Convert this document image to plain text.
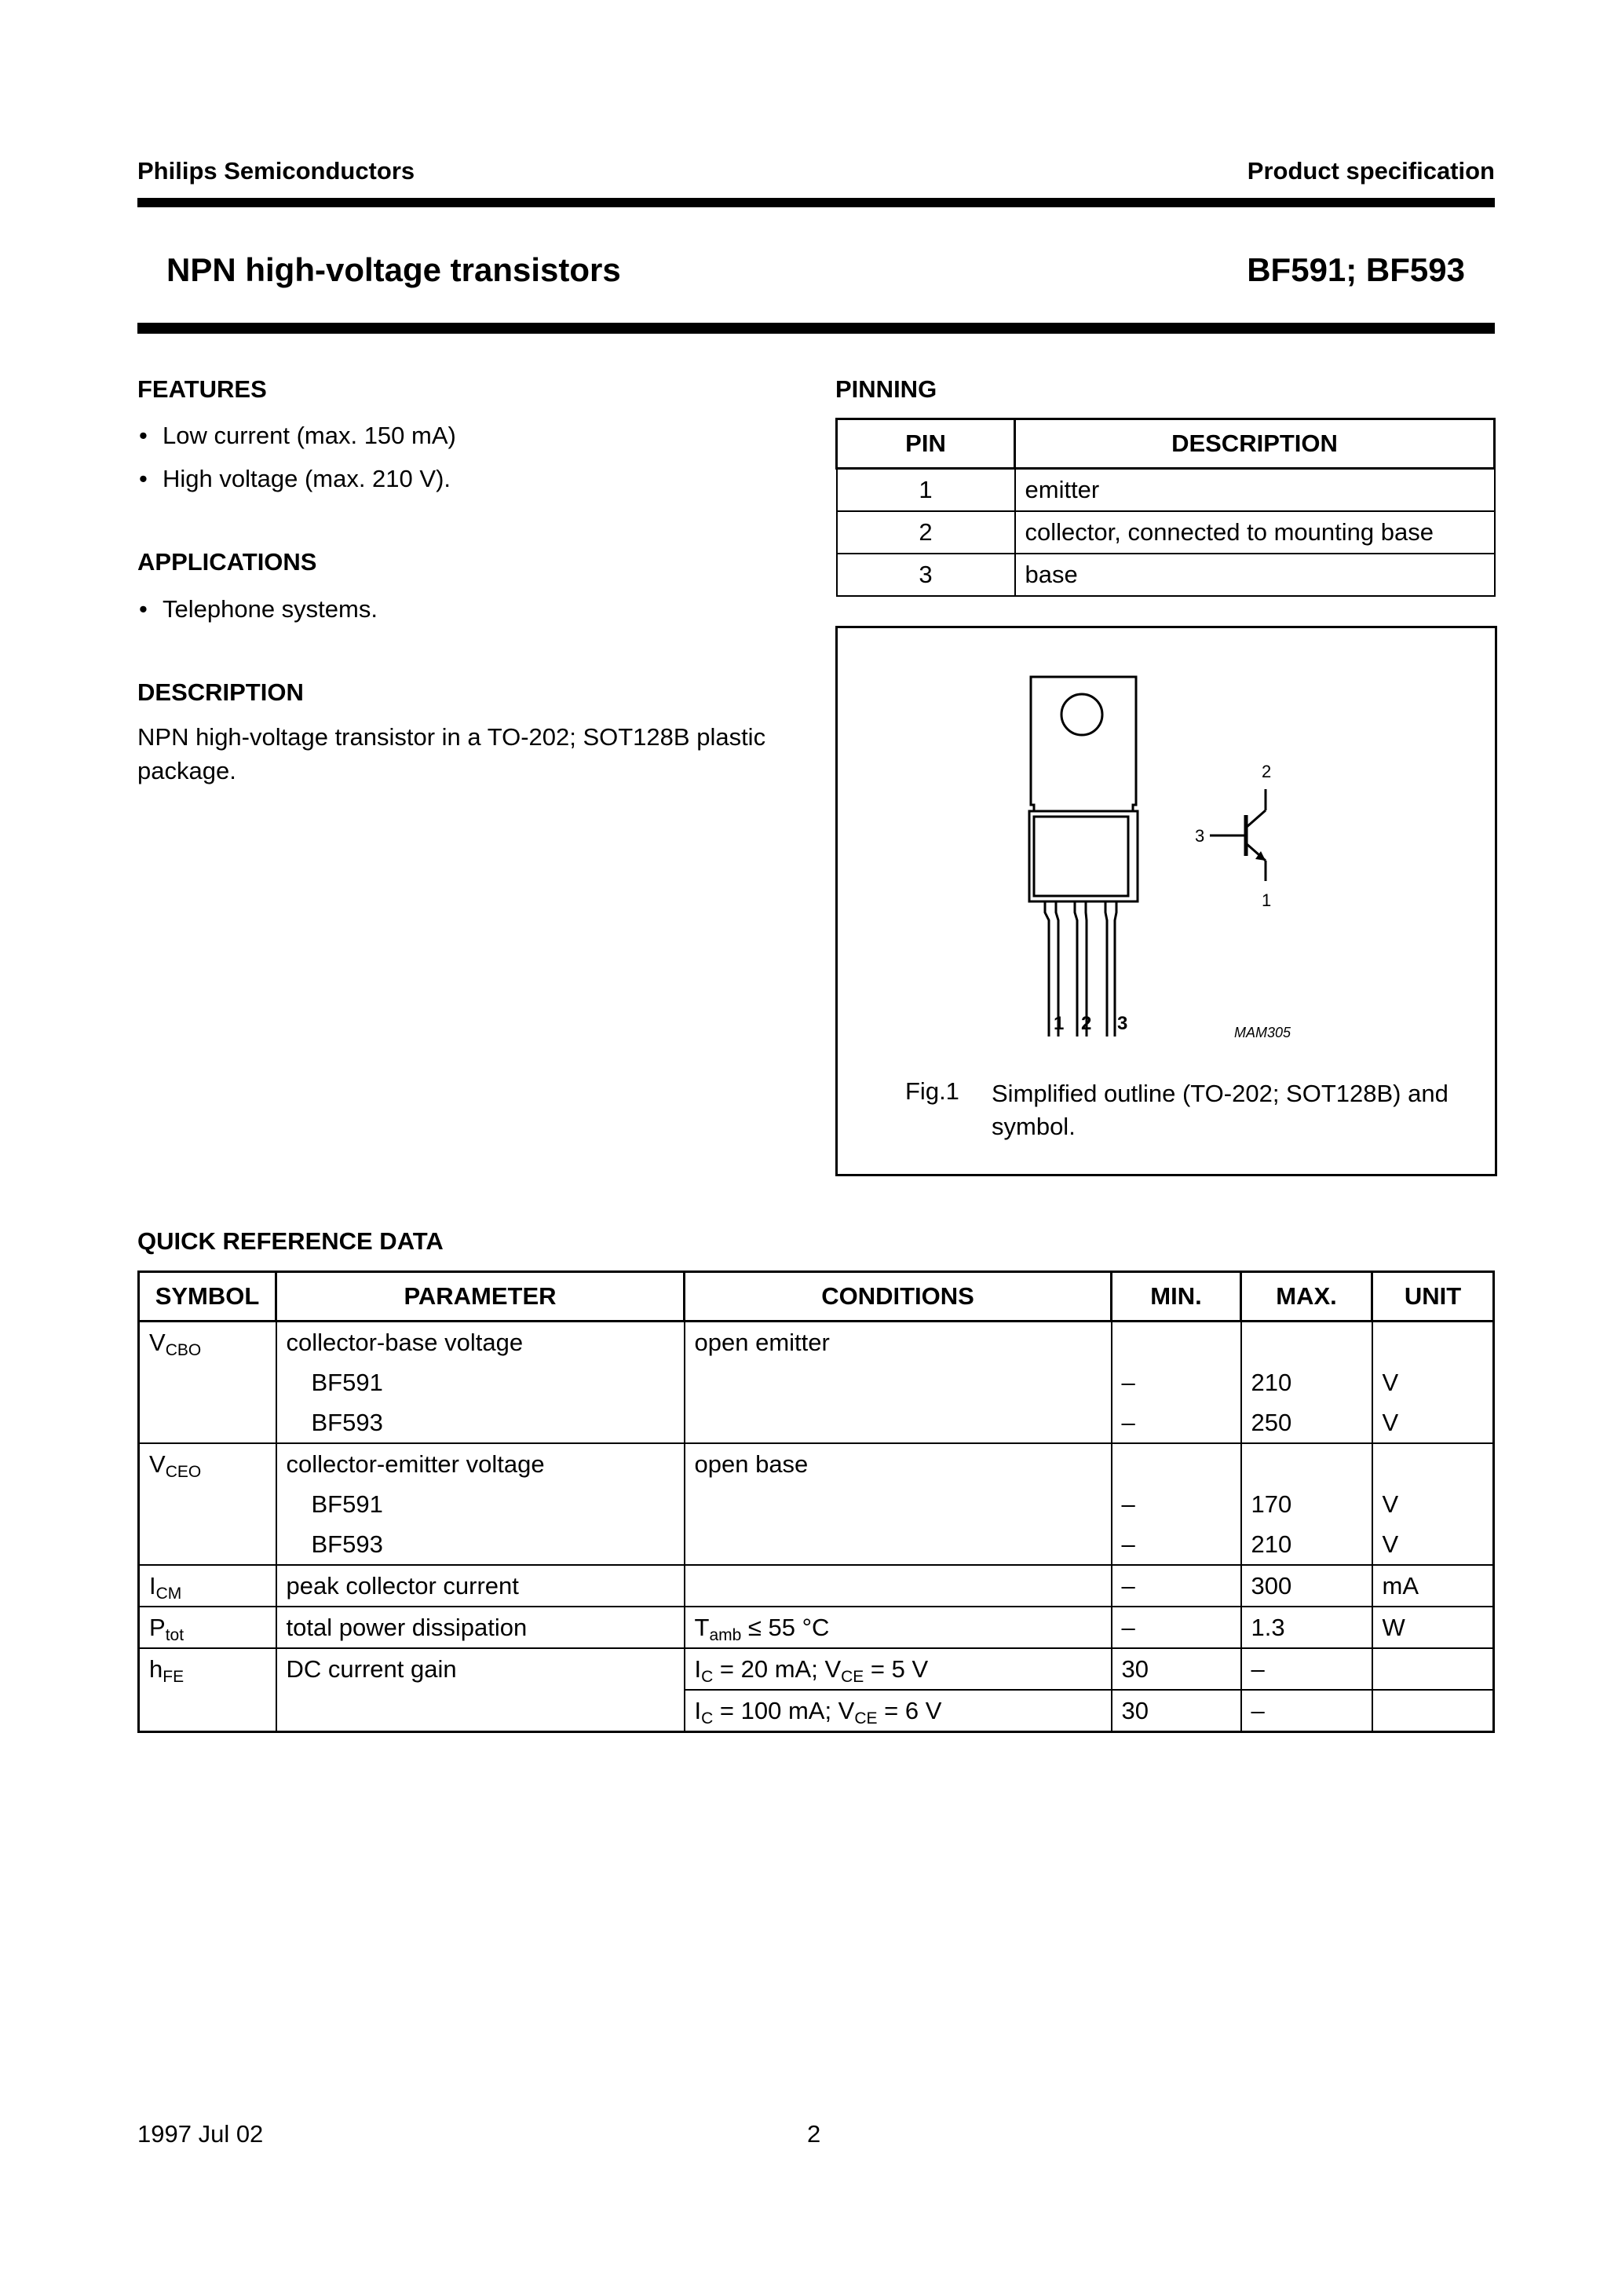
Philips Semiconductors	Product specification
NPN high-voltage transistors	BF591; BF593
FEATURES
• Low current (max. 150 mA)
• High voltage (max. 210 V).
APPLICATIONS
• Telephone systems.
DESCRIPTION
NPN high-voltage transistor in a TO-202; SOT128B plastic package.
PINNING
PIN	DESCRIPTION
1	emitter
2	collector, connected to mounting base
3	base
1 2 3
2
3
1
MAM305
Fig.1 Simplified outline (TO-202; SOT128B) and symbol.
QUICK REFERENCE DATA
SYMBOL	PARAMETER	CONDITIONS	MIN.	MAX.	UNIT
$V_{CBO}$	collector-base voltage	open emitter			
	BF591		–	210	V
	BF593		–	250	V
$V_{CEO}$	collector-emitter voltage	open base			
	BF591		–	170	V
	BF593		–	210	V
$I_{CM}$	peak collector current		–	300	mA
$P_{tot}$	total power dissipation	$T_{amb} \le 55$ °C	–	1.3	W
$h_{FE}$	DC current gain	$I_C = 20$ mA; $V_{CE} = 5$ V	30	–	
		$I_C = 100$ mA; $V_{CE} = 6$ V	30	–	
1997 Jul 02	2
